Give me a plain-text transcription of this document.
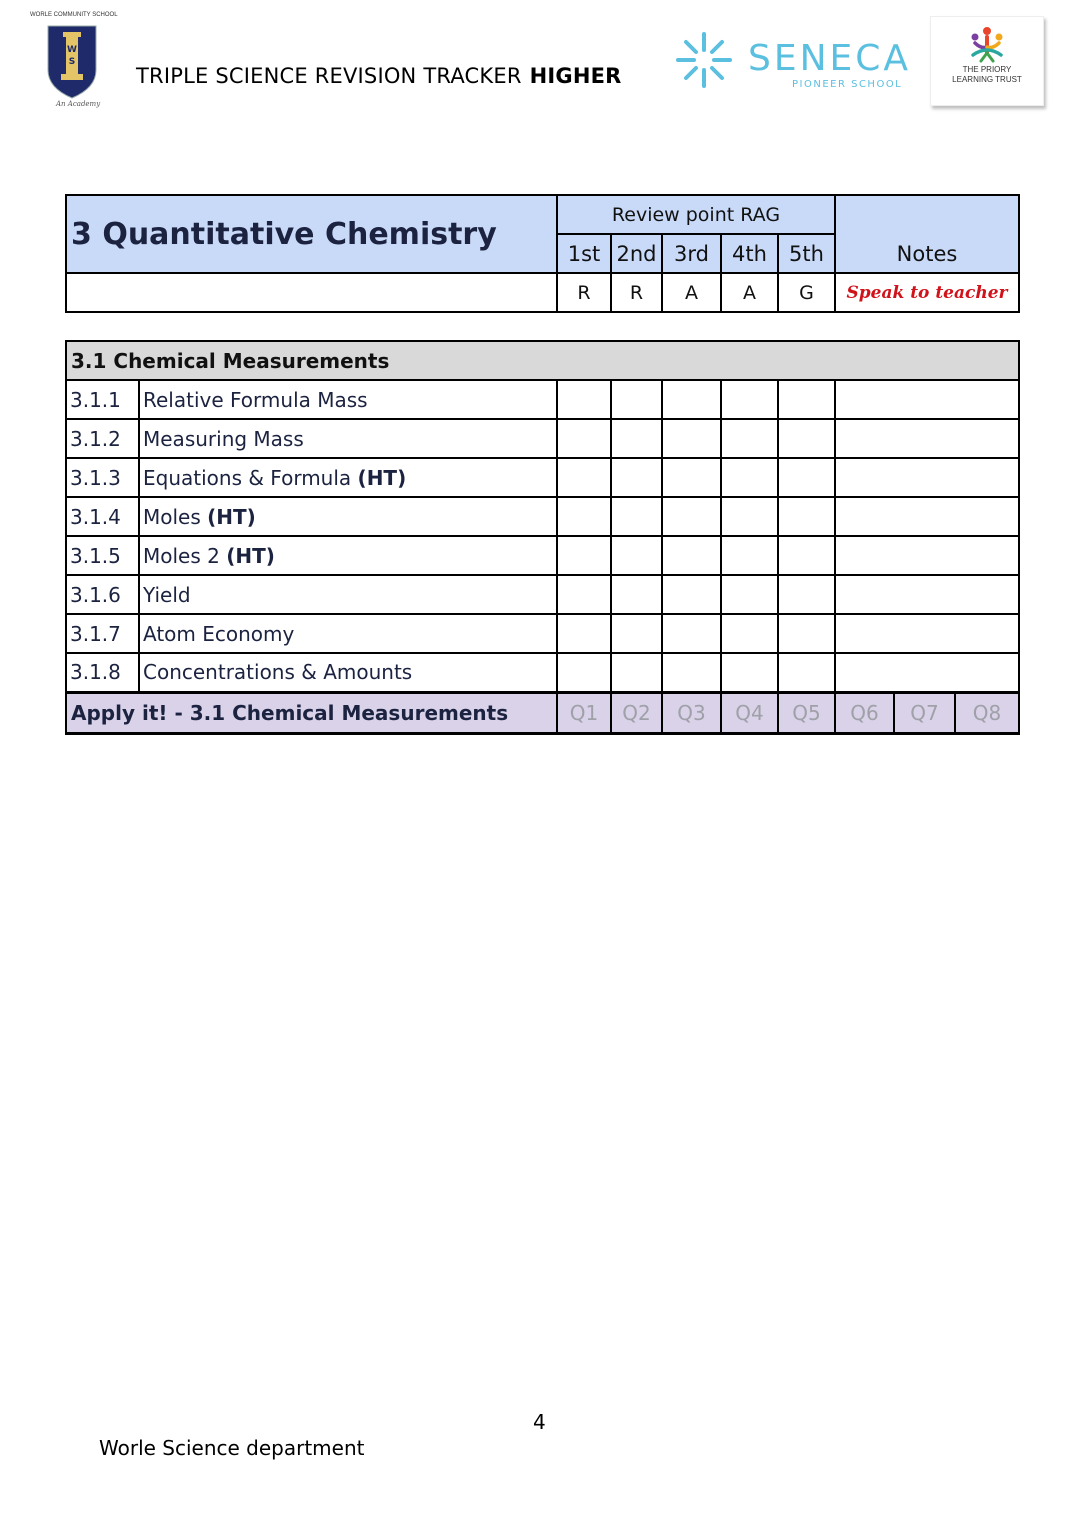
WORLE COMMUNITY SCHOOL
W
S
An Academy
TRIPLE SCIENCE REVISION TRACKER HIGHER	SENECA
PIONEER SCHOOL
THE PRIORY
LEARNING TRUST
3 Quantitative Chemistry	Review point RAG					Notes
	1st	2nd	3rd	4th	5th	
	R	R	A	A	G	Speak to teacher
3.1 Chemical Measurements									
3.1.1	Relative Formula Mass								
3.1.2	Measuring Mass								
3.1.3	Equations & Formula (HT)								
3.1.4	Moles (HT)								
3.1.5	Moles 2 (HT)								
3.1.6	Yield								
3.1.7	Atom Economy								
3.1.8	Concentrations & Amounts								
Apply it! - 3.1 Chemical Measurements		Q1	Q2	Q3	Q4	Q5	Q6	Q7	Q8
4
Worle Science department
